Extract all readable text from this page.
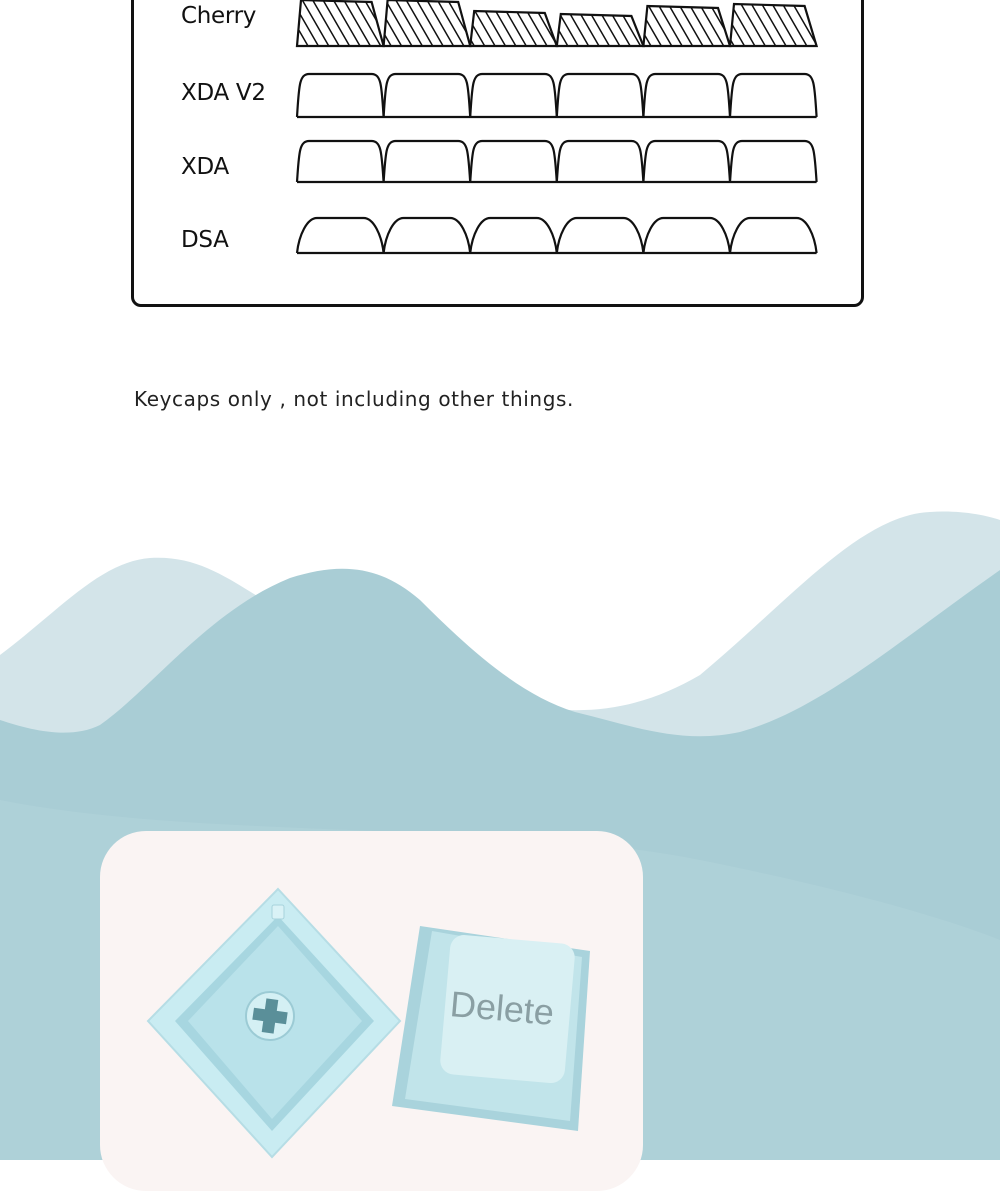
Cherry
XDA V2
XDA
DSA
Keycaps only , not including other things.
Delete
